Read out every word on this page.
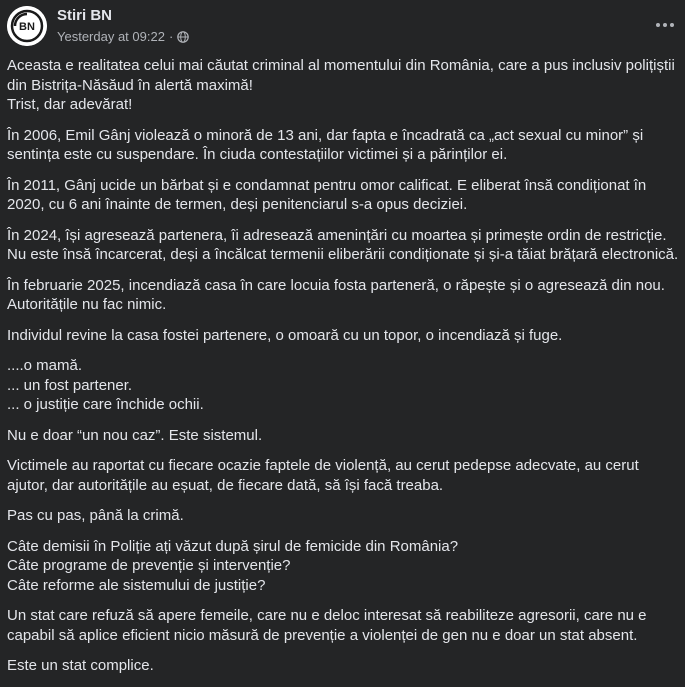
BN
Stiri BN
Yesterday at 09:22 ·

Aceasta e realitatea celui mai căutat criminal al momentului din România, care a pus inclusiv polițiștii din Bistrița-Năsăud în alertă maximă!
Trist, dar adevărat!

În 2006, Emil Gânj violează o minoră de 13 ani, dar fapta e încadrată ca „act sexual cu minor” și sentința este cu suspendare. În ciuda contestațiilor victimei și a părinților ei.

În 2011, Gânj ucide un bărbat și e condamnat pentru omor calificat. E eliberat însă condiționat în 2020, cu 6 ani înainte de termen, deși penitenciarul s-a opus deciziei.

În 2024, își agresează partenera, îi adresează amenințări cu moartea și primește ordin de restricție. Nu este însă încarcerat, deși a încălcat termenii eliberării condiționate și și-a tăiat brățară electronică.

În februarie 2025, incendiază casa în care locuia fosta parteneră, o răpește și o agresează din nou. Autoritățile nu fac nimic.

Individul revine la casa fostei partenere, o omoară cu un topor, o incendiază și fuge.

....o mamă.
... un fost partener.
... o justiție care închide ochii.

Nu e doar “un nou caz”. Este sistemul.

Victimele au raportat cu fiecare ocazie faptele de violență, au cerut pedepse adecvate, au cerut ajutor, dar autoritățile au eșuat, de fiecare dată, să își facă treaba.

Pas cu pas, până la crimă.

Câte demisii în Poliție ați văzut după șirul de femicide din România?
Câte programe de prevenție și intervenție?
Câte reforme ale sistemului de justiție?

Un stat care refuză să apere femeile, care nu e deloc interesat să reabiliteze agresorii, care nu e capabil să aplice eficient nicio măsură de prevenție a violenței de gen nu e doar un stat absent.

Este un stat complice.
